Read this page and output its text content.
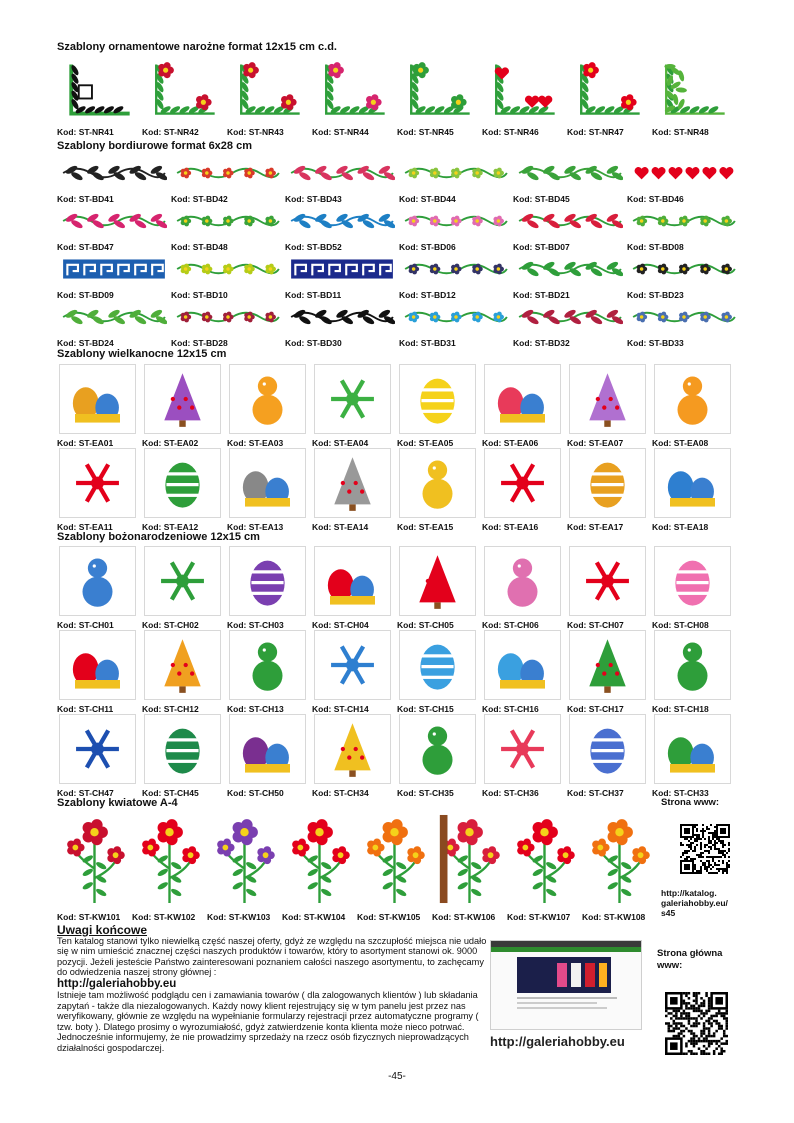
Szablony ornamentowe narożne format 12x15 cm c.d.
Kod: ST-NR41	Kod: ST-NR42	Kod: ST-NR43	Kod: ST-NR44	Kod: ST-NR45	Kod: ST-NR46	Kod: ST-NR47	Kod: ST-NR48
Szablony bordiurowe format 6x28 cm
Kod: ST-BD41	Kod: ST-BD42	Kod: ST-BD43	Kod: ST-BD44	Kod: ST-BD45	Kod: ST-BD46
Kod: ST-BD47	Kod: ST-BD48	Kod: ST-BD52	Kod: ST-BD06	Kod: ST-BD07	Kod: ST-BD08
Kod: ST-BD09	Kod: ST-BD10	Kod: ST-BD11	Kod: ST-BD12	Kod: ST-BD21	Kod: ST-BD23
Kod: ST-BD24	Kod: ST-BD28	Kod: ST-BD30	Kod: ST-BD31	Kod: ST-BD32	Kod: ST-BD33
Szablony wielkanocne 12x15 cm
Kod: ST-EA01	Kod: ST-EA02	Kod: ST-EA03	Kod: ST-EA04	Kod: ST-EA05	Kod: ST-EA06	Kod: ST-EA07	Kod: ST-EA08
Kod: ST-EA11	Kod: ST-EA12	Kod: ST-EA13	Kod: ST-EA14	Kod: ST-EA15	Kod: ST-EA16	Kod: ST-EA17	Kod: ST-EA18
Szablony bożonarodzeniowe 12x15 cm
Kod: ST-CH01	Kod: ST-CH02	Kod: ST-CH03	Kod: ST-CH04	Kod: ST-CH05	Kod: ST-CH06	Kod: ST-CH07	Kod: ST-CH08
Kod: ST-CH11	Kod: ST-CH12	Kod: ST-CH13	Kod: ST-CH14	Kod: ST-CH15	Kod: ST-CH16	Kod: ST-CH17	Kod: ST-CH18
Kod: ST-CH47	Kod: ST-CH45	Kod: ST-CH50	Kod: ST-CH34	Kod: ST-CH35	Kod: ST-CH36	Kod: ST-CH37	Kod: ST-CH33
Szablony kwiatowe A-4
Kod: ST-KW101 Kod: ST-KW102 Kod: ST-KW103 Kod: ST-KW104 Kod: ST-KW105 Kod: ST-KW106 Kod: ST-KW107 Kod: ST-KW108
Strona www:
http://katalog.
galeriahobby.eu/
s45
Strona główna
www:
http://galeriahobby.eu
Uwagi końcowe

Ten katalog stanowi tylko niewielką część naszej oferty, gdyż ze względu na szczupłość miejsca nie udało się w nim umieścić znacznej części naszych produktów i towarów, który to asortyment stanowi ok. 9000 pozycji. Jeżeli jesteście Państwo zainteresowani poznaniem całości naszego asortymentu, to zachęcamy do odwiedzenia naszej strony głównej :

http://galeriahobby.eu

Istnieje tam możliwość podglądu cen i zamawiania towarów ( dla zalogowanych klientów ) lub składania zapytań - także dla niezalogowanych. Każdy nowy klient rejestrujący się w tym panelu jest przez nas weryfikowany, głównie ze względu na wypełnianie formularzy rejestracji przez automatyczne programy ( tzw. boty ). Dlatego prosimy o wyrozumiałość, gdyż zatwierdzenie konta klienta może nieco potrwać. Jednocześnie informujemy, że nie prowadzimy sprzedaży na rzecz osób fizycznych nieprowadzących działalności gospodarczej.

-45-
